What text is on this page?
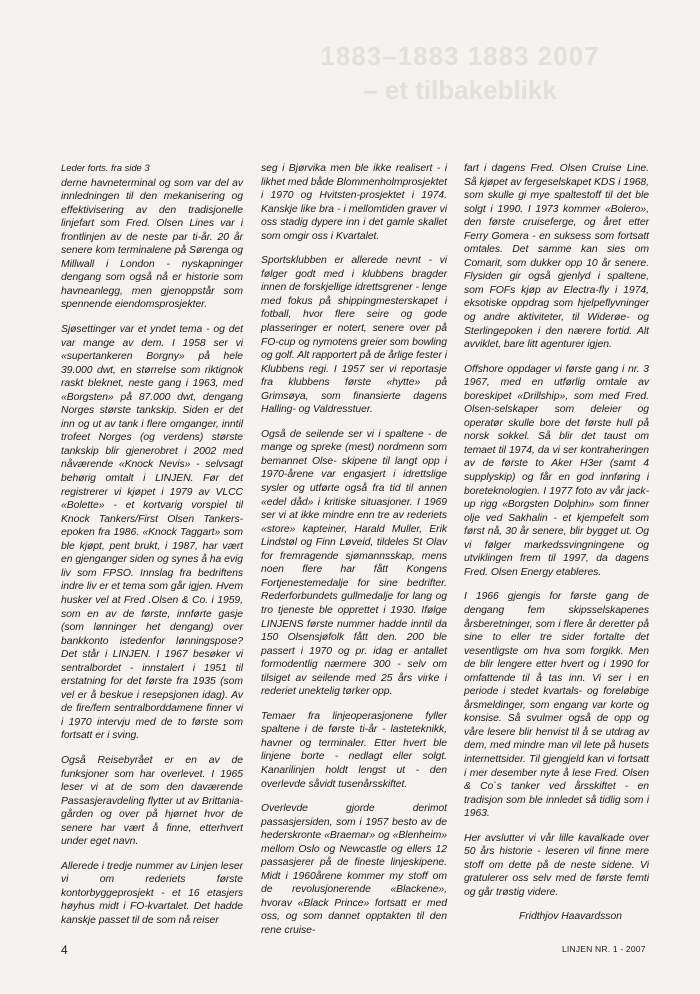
1883–1883 1883 2007
– et tilbakeblikk

Leder forts. fra side 3

derne havneterminal og som var del av innledningen til den mekanisering og effektivisering av den tradisjonelle linjefart som Fred. Olsen Lines var i frontlinjen av de neste par ti-år. 20 år senere kom terminalene på Sørenga og Millwall i London - nyskapninger dengang som også nå er historie som havneanlegg, men gjenoppstår som spennende eiendomsprosjekter.

Sjøsettinger var et yndet tema - og det var mange av dem. I 1958 ser vi «supertankeren Borgny» på hele 39.000 dwt, en størrelse som riktignok raskt bleknet, neste gang i 1963, med «Borgsten» på 87.000 dwt, dengang Norges største tankskip. Siden er det inn og ut av tank i flere omganger, inntil trofeet Norges (og verdens) største tankskip blir gjenerobret i 2002 med nåværende «Knock Nevis» - selvsagt behørig omtalt i LINJEN. Før det registrerer vi kjøpet i 1979 av VLCC «Bolette» - et kortvarig vorspiel til Knock Tankers/First Olsen Tankers-epoken fra 1986. «Knock Taggart» som ble kjøpt, pent brukt, i 1987, har vært en gjenganger siden og synes å ha evig liv som FPSO. Innslag fra bedriftens indre liv er et tema som går igjen. Hvem husker vel at Fred .Olsen & Co. i 1959, som en av de første, innførte gasje (som lønninger het dengang) over bankkonto istedenfor lønningspose? Det står i LINJEN. I 1967 besøker vi sentralbordet - innstalert i 1951 til erstatning for det første fra 1935 (som vel er å beskue i resepsjonen idag). Av de fire/fem sentralborddamene finner vi i 1970 intervju med de to første som fortsatt er i sving.

Også Reisebyrået er en av de funksjoner som har overlevet. I 1965 leser vi at de som den daværende Passasjeravdeling flytter ut av Brittania-gården og over på hjørnet hvor de senere har vært å finne, etterhvert under eget navn.

Allerede i tredje nummer av Linjen leser vi om rederiets første kontorbyggeprosjekt - et 16 etasjers høyhus midt i FO-kvartalet. Det hadde kanskje passet til de som nå reiser

seg i Bjørvika men ble ikke realisert - i likhet med både Blommenholmprosjektet i 1970 og Hvitsten-prosjektet i 1974. Kanskje like bra - i mellomtiden graver vi oss stadig dypere inn i det gamle skallet som omgir oss i Kvartalet.

Sportsklubben er allerede nevnt - vi følger godt med i klubbens bragder innen de forskjellige idrettsgrener - lenge med fokus på shippingmesterskapet i fotball, hvor flere seire og gode plasseringer er notert, senere over på FO-cup og nymotens greier som bowling og golf. Alt rapportert på de årlige fester i Klubbens regi. I 1957 ser vi reportasje fra klubbens første «hytte» på Grimsøya, som finansierte dagens Halling- og Valdresstuer.

Også de seilende ser vi i spaltene - de mange og spreke (mest) nordmenn som bemannet Olse- skipene til langt opp i 1970-årene var engasjert i idrettslige sysler og utførte også fra tid til annen «edel dåd» i kritiske situasjoner. I 1969 ser vi at ikke mindre enn tre av rederiets «store» kapteiner, Harald Muller, Erik Lindstøl og Finn Løveid, tildeles St Olav for fremragende sjømannsskap, mens noen flere har fått Kongens Fortjenestemedalje for sine bedrifter. Rederforbundets gullmedalje for lang og tro tjeneste ble opprettet i 1930. Ifølge LINJENS første nummer hadde inntil da 150 Olsensjøfolk fått den. 200 ble passert i 1970 og pr. idag er antallet formodentlig nærmere 300 - selv om tilsiget av seilende med 25 års virke i rederiet unektelig tørker opp.

Temaer fra linjeoperasjonene fyller spaltene i de første ti-år - lasteteknikk, havner og terminaler. Etter hvert ble linjene borte - nedlagt eller solgt. Kanarilinjen holdt lengst ut - den overlevde såvidt tusenårsskiftet.

Overlevde gjorde derimot passasjersiden, som i 1957 besto av de hederskronte «Braemar» og «Blenheim» mellom Oslo og Newcastle og ellers 12 passasjerer på de fineste linjeskipene. Midt i 1960årene kommer my stoff om de revolusjonerende «Blackene», hvorav «Black Prince» fortsatt er med oss, og som dannet opptakten til den rene cruise-

fart i dagens Fred. Olsen Cruise Line. Så kjøpet av fergeselskapet KDS i 1968, som skulle gi mye spaltestoff til det ble solgt i 1990. I 1973 kommer «Bolero», den første cruiseferge, og året etter Ferry Gomera - en suksess som fortsatt omtales. Det samme kan sies om Comarit, som dukker opp 10 år senere. Flysiden gir også gjenlyd i spaltene, som FOFs kjøp av Electra-fly i 1974, eksotiske oppdrag som hjelpeflyvninger og andre aktiviteter, til Widerøe- og Sterlingepoken i den nærere fortid. Alt avviklet, bare litt agenturer igjen.

Offshore oppdager vi første gang i nr. 3 1967, med en utførlig omtale av boreskipet «Drillship», som med Fred. Olsen-selskaper som deleier og operatør skulle bore det første hull på norsk sokkel. Så blir det taust om temaet til 1974, da vi ser kontraheringen av de første to Aker H3er (samt 4 supplyskip) og får en god innføring i boreteknologien. I 1977 foto av vår jack-up rigg «Borgsten Dolphin» som finner olje ved Sakhalin - et kjempefelt som først nå, 30 år senere, blir bygget ut. Og vi følger markedssvingningene og utviklingen frem til 1997, da dagens Fred. Olsen Energy etableres.

I 1966 gjengis for første gang de dengang fem skipsselskapenes årsberetninger, som i flere år deretter på sine to eller tre sider fortalte det vesentligste om hva som forgikk. Men de blir lengere etter hvert og i 1990 for omfattende til å tas inn. Vi ser i en periode i stedet kvartals- og foreløbige årsmeldinger, som engang var korte og konsise. Så svulmer også de opp og våre lesere blir henvist til å se utdrag av dem, med mindre man vil lete på husets internettsider. Til gjengjeld kan vi fortsatt i mer desember nyte å lese Fred. Olsen & Co`s tanker ved årsskiftet - en tradisjon som ble innledet så tidlig som i 1963.

Her avslutter vi vår lille kavalkade over 50 års historie - leseren vil finne mere stoff om dette på de neste sidene. Vi gratulerer oss selv med de første femti og går trøstig videre.

Fridthjov Haavardsson

4	LINJEN NR. 1 - 2007
